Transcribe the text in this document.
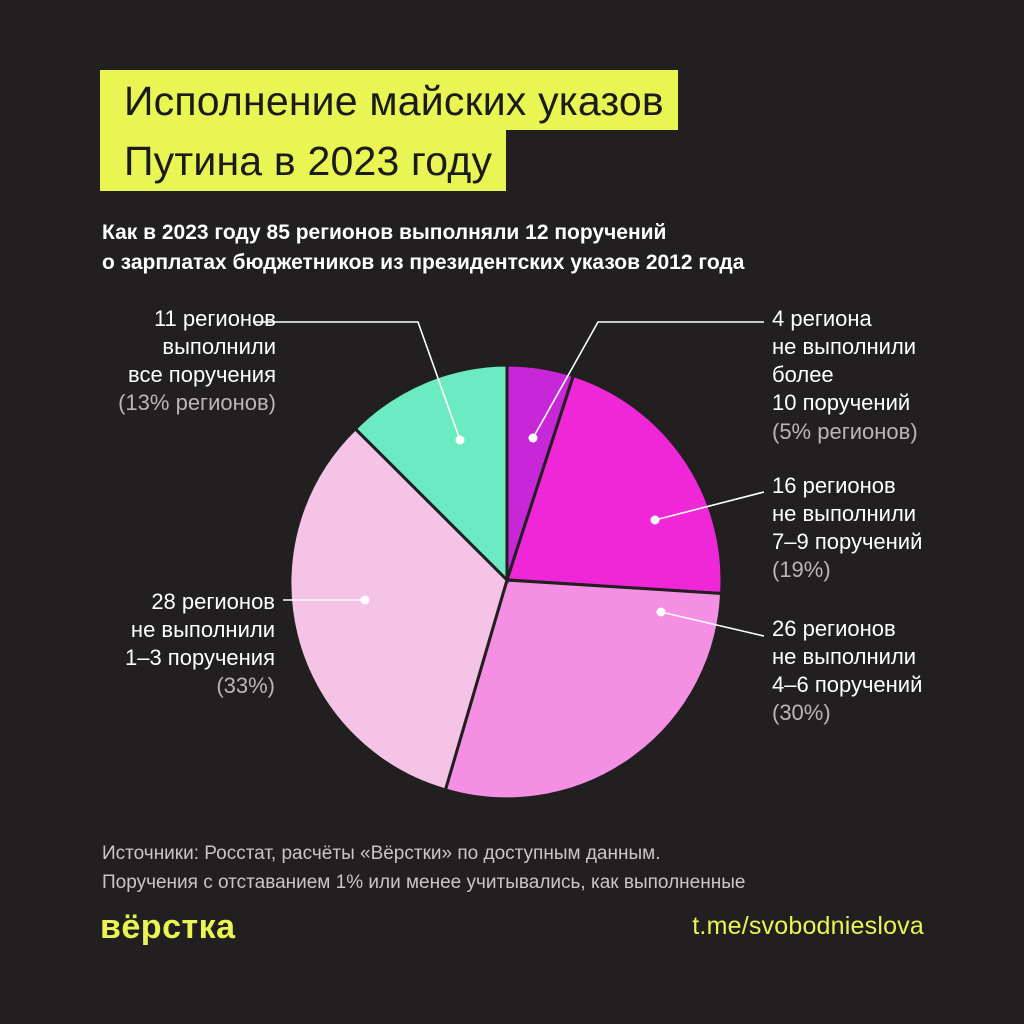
Исполнение майских указов
Путина в 2023 году
Как в 2023 году 85 регионов выполняли 12 поручений
о зарплатах бюджетников из президентских указов 2012 года
11 регионов
выполнили
все поручения
(13% регионов)
28 регионов
не выполнили
1–3 поручения
(33%)
4 региона
не выполнили
более
10 поручений
(5% регионов)
16 регионов
не выполнили
7–9 поручений
(19%)
26 регионов
не выполнили
4–6 поручений
(30%)
Источники: Росстат, расчёты «Вёрстки» по доступным данным.
Поручения с отставанием 1% или менее учитывались, как выполненные
вёрстка	t.me/svobodnieslova
